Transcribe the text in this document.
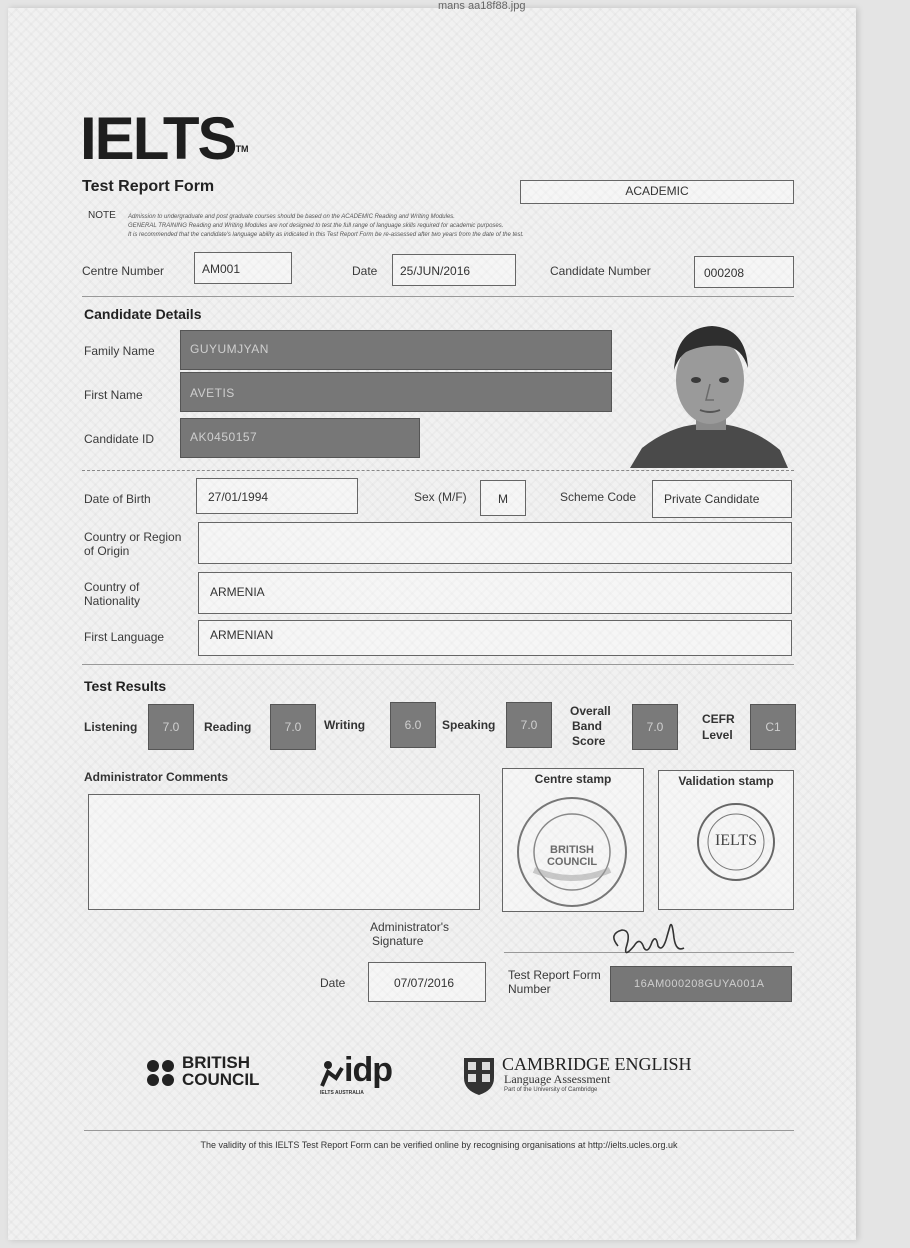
mans aa18f88.jpg
IELTS™
Test Report Form	ACADEMIC
NOTE Admission to undergraduate and post graduate courses should be based on the ACADEMIC Reading and Writing Modules.
GENERAL TRAINING Reading and Writing Modules are not designed to test the full range of language skills required for academic purposes.
It is recommended that the candidate's language ability as indicated in this Test Report Form be re-assessed after two years from the date of the test.
Centre Number	AM001	Date 25/JUN/2016	Candidate Number	000208
Candidate Details
Family Name	GUYUMJYAN
First Name	AVETIS
Candidate ID	AK0450157
Date of Birth	27/01/1994	Sex (M/F)	M	Scheme Code Private Candidate
Country or Region
of Origin
Country of
Nationality
ARMENIA
First Language	ARMENIAN
Test Results
Listening	7.0	Reading	7.0	Writing	6.0	Speaking	7.0
Overall
Band
Score
7.0
CEFR
Level
C1
Administrator Comments	Centre stamp
BRITISH COUNCIL
Validation stamp
IELTS
Administrator's
Signature
Date	07/07/2016
Test Report Form
Number	16AM000208GUYA001A
BRITISH
COUNCIL idp
IELTS AUSTRALIA
CAMBRIDGE ENGLISH
Language Assessment
Part of the University of Cambridge
The validity of this IELTS Test Report Form can be verified online by recognising organisations at http://ielts.ucles.org.uk
